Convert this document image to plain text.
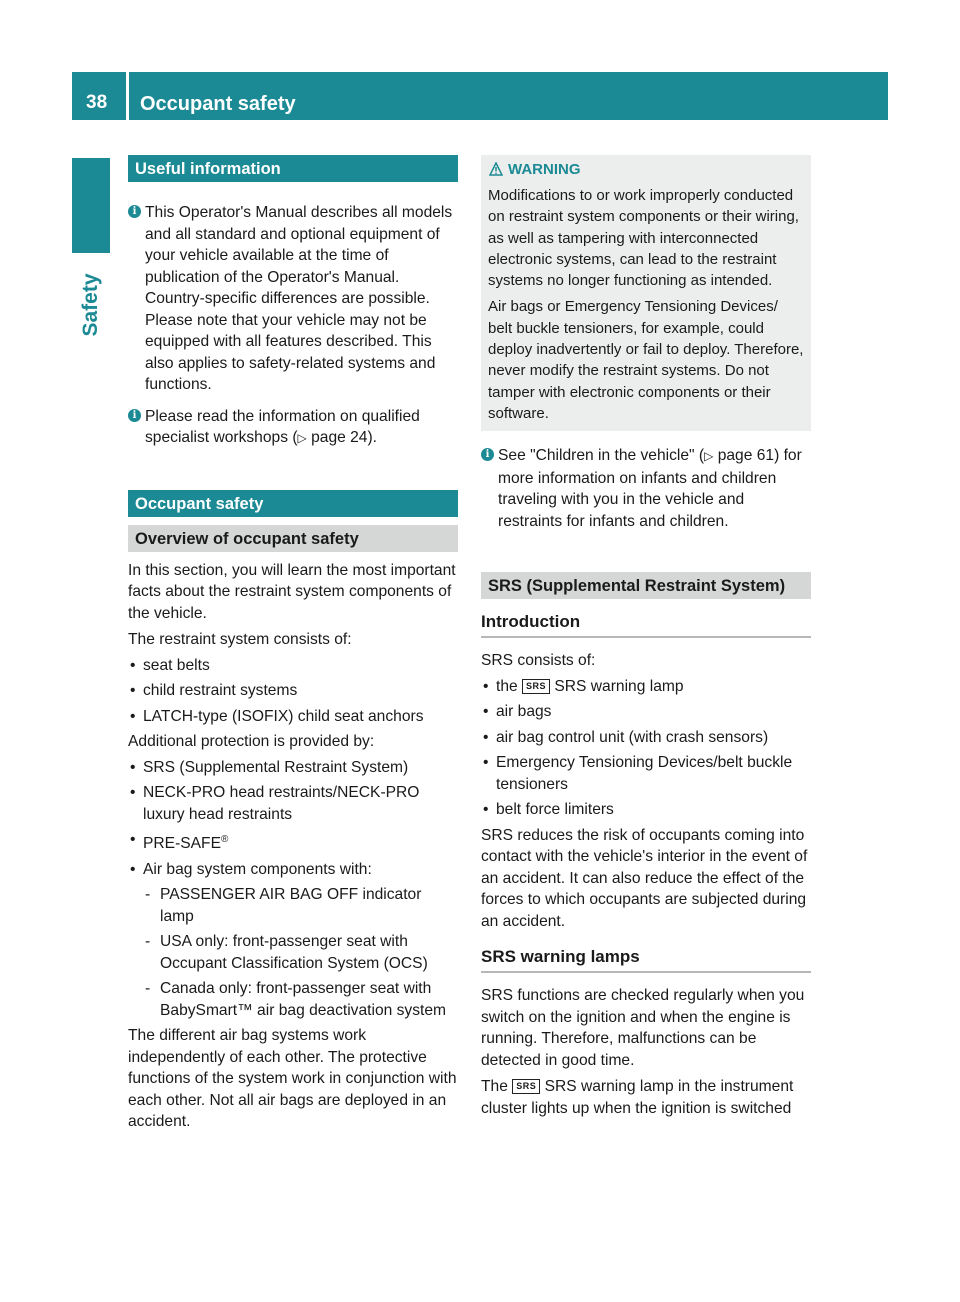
38	Occupant safety
Safety
Useful information
i This Operator's Manual describes all models and all standard and optional equipment of your vehicle available at the time of publication of the Operator's Manual. Country-specific differences are possible. Please note that your vehicle may not be equipped with all features described. This also applies to safety-related systems and functions.

i Please read the information on qualified specialist workshops (▷ page 24).

Occupant safety
Overview of occupant safety

In this section, you will learn the most important facts about the restraint system components of the vehicle.

The restraint system consists of:

• seat belts
• child restraint systems
• LATCH-type (ISOFIX) child seat anchors

Additional protection is provided by:

• SRS (Supplemental Restraint System)
• NECK-PRO head restraints/NECK-PRO luxury head restraints
• PRE-SAFE®
• Air bag system components with:
- PASSENGER AIR BAG OFF indicator lamp
- USA only: front-passenger seat with Occupant Classification System (OCS)
- Canada only: front-passenger seat with BabySmart™ air bag deactivation system

The different air bag systems work independently of each other. The protective functions of the system work in conjunction with each other. Not all air bags are deployed in an accident.

WARNING

Modifications to or work improperly conducted on restraint system components or their wiring, as well as tampering with interconnected electronic systems, can lead to the restraint systems no longer functioning as intended.

Air bags or Emergency Tensioning Devices/ belt buckle tensioners, for example, could deploy inadvertently or fail to deploy. Therefore, never modify the restraint systems. Do not tamper with electronic components or their software.

i See "Children in the vehicle" (▷ page 61) for more information on infants and children traveling with you in the vehicle and restraints for infants and children.

SRS (Supplemental Restraint System)
Introduction

SRS consists of:

• the SRS SRS warning lamp
• air bags
• air bag control unit (with crash sensors)
• Emergency Tensioning Devices/belt buckle tensioners
• belt force limiters

SRS reduces the risk of occupants coming into contact with the vehicle's interior in the event of an accident. It can also reduce the effect of the forces to which occupants are subjected during an accident.

SRS warning lamps

SRS functions are checked regularly when you switch on the ignition and when the engine is running. Therefore, malfunctions can be detected in good time.

The SRS SRS warning lamp in the instrument cluster lights up when the ignition is switched
